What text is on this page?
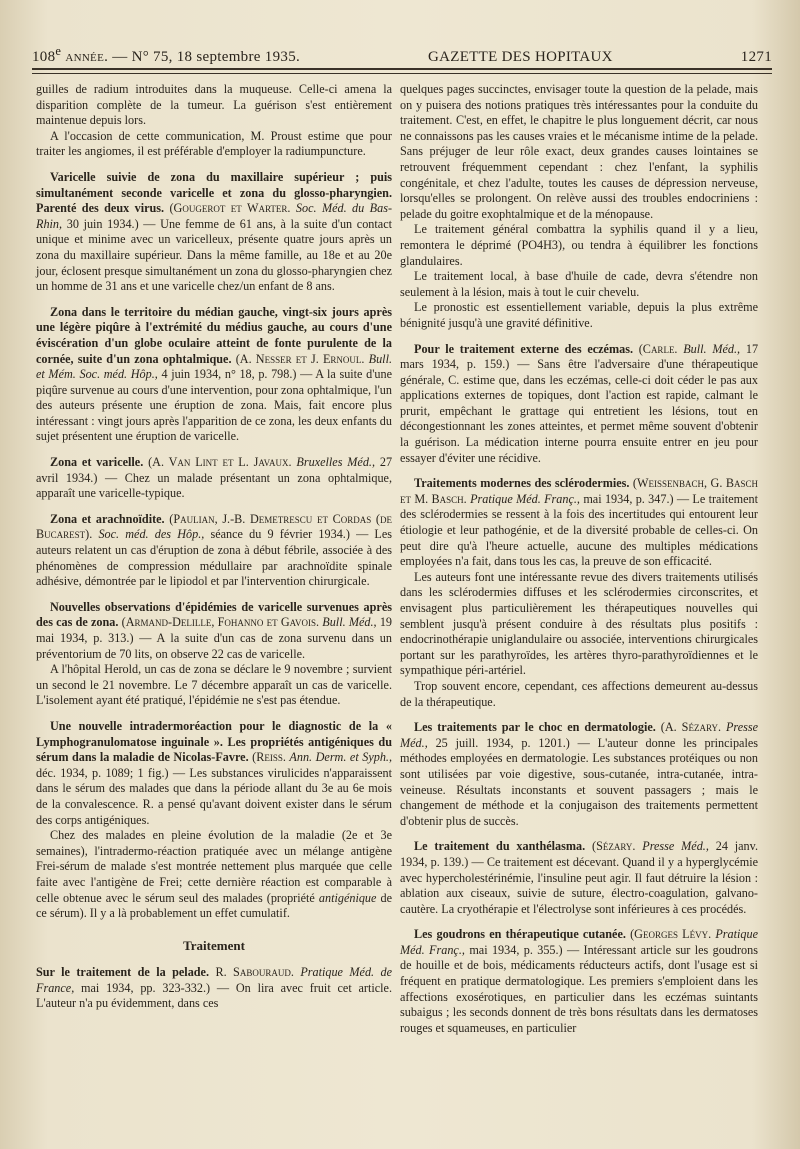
108e année. — N° 75, 18 septembre 1935.	GAZETTE DES HOPITAUX	1271

guilles de radium introduites dans la muqueuse. Celle-ci amena la disparition complète de la tumeur. La guérison s'est entièrement maintenue depuis lors.

A l'occasion de cette communication, M. Proust estime que pour traiter les angiomes, il est préférable d'employer la radiumpuncture.

Varicelle suivie de zona du maxillaire supérieur ; puis simultanément seconde varicelle et zona du glosso-pharyngien. Parenté des deux virus. (Gougerot et Warter. Soc. Méd. du Bas-Rhin, 30 juin 1934.) — Une femme de 61 ans, à la suite d'un contact unique et minime avec un varicelleux, présente quatre jours après un zona du maxillaire supérieur. Dans la même famille, au 18e et au 20e jour, éclosent presque simultanément un zona du glosso-pharyngien chez un homme de 31 ans et une varicelle chez/un enfant de 8 ans.

Zona dans le territoire du médian gauche, vingt-six jours après une légère piqûre à l'extrémité du médius gauche, au cours d'une éviscération d'un globe oculaire atteint de fonte purulente de la cornée, suite d'un zona ophtalmique. (A. Nesser et J. Ernoul. Bull. et Mém. Soc. méd. Hôp., 4 juin 1934, n° 18, p. 798.) — A la suite d'une piqûre survenue au cours d'une intervention, pour zona ophtalmique, l'un des auteurs présente une éruption de zona. Mais, fait encore plus intéressant : vingt jours après l'apparition de ce zona, les deux enfants du sujet présentent une éruption de varicelle.

Zona et varicelle. (A. Van Lint et L. Javaux. Bruxelles Méd., 27 avril 1934.) — Chez un malade présentant un zona ophtalmique, apparaît une varicelle-typique.

Zona et arachnoïdite. (Paulian, J.-B. Demetrescu et Cordas (de Bucarest). Soc. méd. des Hôp., séance du 9 février 1934.) — Les auteurs relatent un cas d'éruption de zona à début fébrile, associée à des phénomènes de compression médullaire par arachnoïdite spinale adhésive, démontrée par le lipiodol et par l'intervention chirurgicale.

Nouvelles observations d'épidémies de varicelle survenues après des cas de zona. (Armand-Delille, Fohanno et Gavois. Bull. Méd., 19 mai 1934, p. 313.) — A la suite d'un cas de zona survenu dans un préventorium de 70 lits, on observe 22 cas de varicelle.

A l'hôpital Herold, un cas de zona se déclare le 9 novembre ; survient un second le 21 novembre. Le 7 décembre apparaît un cas de varicelle. L'isolement ayant été pratiqué, l'épidémie ne s'est pas étendue.

Une nouvelle intradermoréaction pour le diagnostic de la « Lymphogranulomatose inguinale ». Les propriétés antigéniques du sérum dans la maladie de Nicolas-Favre. (Reiss. Ann. Derm. et Syph., déc. 1934, p. 1089; 1 fig.) — Les substances virulicides n'apparaissent dans le sérum des malades que dans la période allant du 3e au 6e mois de la convalescence. R. a pensé qu'avant doivent exister dans le sérum des corps antigéniques.

Chez des malades en pleine évolution de la maladie (2e et 3e semaines), l'intradermo-réaction pratiquée avec un mélange antigène Frei-sérum de malade s'est montrée nettement plus marquée que celle faite avec l'antigène de Frei; cette dernière réaction est comparable à celle obtenue avec le sérum seul des malades (propriété antigénique de ce sérum). Il y a là probablement un effet cumulatif.

Traitement

Sur le traitement de la pelade. R. Sabouraud. Pratique Méd. de France, mai 1934, pp. 323-332.) — On lira avec fruit cet article. L'auteur n'a pu évidemment, dans ces

quelques pages succinctes, envisager toute la question de la pelade, mais on y puisera des notions pratiques très intéressantes pour la conduite du traitement. C'est, en effet, le chapitre le plus longuement décrit, car nous ne connaissons pas les causes vraies et le mécanisme intime de la pelade. Sans préjuger de leur rôle exact, deux grandes causes lointaines se retrouvent fréquemment cependant : chez l'enfant, la syphilis congénitale, et chez l'adulte, toutes les causes de dépression nerveuse, lorsqu'elles se prolongent. On relève aussi des troubles endocriniens : pelade du goitre exophtalmique et de la ménopause.

Le traitement général combattra la syphilis quand il y a lieu, remontera le déprimé (PO4H3), ou tendra à équilibrer les fonctions glandulaires.

Le traitement local, à base d'huile de cade, devra s'étendre non seulement à la lésion, mais à tout le cuir chevelu.

Le pronostic est essentiellement variable, depuis la plus extrême bénignité jusqu'à une gravité définitive.

Pour le traitement externe des eczémas. (Carle. Bull. Méd., 17 mars 1934, p. 159.) — Sans être l'adversaire d'une thérapeutique générale, C. estime que, dans les eczémas, celle-ci doit céder le pas aux applications externes de topiques, dont l'action est rapide, calmant le prurit, empêchant le grattage qui entretient les lésions, tout en décongestionnant les zones atteintes, et permet même souvent d'obtenir la guérison. La médication interne pourra ensuite entrer en jeu pour essayer d'éviter une récidive.

Traitements modernes des sclérodermies. (Weissenbach, G. Basch et M. Basch. Pratique Méd. Franç., mai 1934, p. 347.) — Le traitement des sclérodermies se ressent à la fois des incertitudes qui entourent leur étiologie et leur pathogénie, et de la diversité probable de celles-ci. On peut dire qu'à l'heure actuelle, aucune des multiples médications employées n'a fait, dans tous les cas, la preuve de son efficacité.

Les auteurs font une intéressante revue des divers traitements utilisés dans les sclérodermies diffuses et les sclérodermies circonscrites, et envisagent plus particulièrement les thérapeutiques nouvelles qui semblent jusqu'à présent conduire à des résultats plus positifs : endocrinothérapie uniglandulaire ou associée, interventions chirurgicales portant sur les parathyroïdes, les artères thyro-parathyroïdiennes et le sympathique péri-artériel.

Trop souvent encore, cependant, ces affections demeurent au-dessus de la thérapeutique.

Les traitements par le choc en dermatologie. (A. Sézary. Presse Méd., 25 juill. 1934, p. 1201.) — L'auteur donne les principales méthodes employées en dermatologie. Les substances protéiques ou non sont utilisées par voie digestive, sous-cutanée, intra-cutanée, intra-veineuse. Résultats inconstants et souvent passagers ; mais le changement de méthode et la conjugaison des traitements permettent d'obtenir plus de succès.

Le traitement du xanthélasma. (Sézary. Presse Méd., 24 janv. 1934, p. 139.) — Ce traitement est décevant. Quand il y a hyperglycémie avec hypercholestérinémie, l'insuline peut agir. Il faut détruire la lésion : ablation aux ciseaux, suivie de suture, électro-coagulation, galvano-cautère. La cryothérapie et l'électrolyse sont inférieures à ces procédés.

Les goudrons en thérapeutique cutanée. (Georges Lévy. Pratique Méd. Franç., mai 1934, p. 355.) — Intéressant article sur les goudrons de houille et de bois, médicaments réducteurs actifs, dont l'usage est si fréquent en pratique dermatologique. Les premiers s'emploient dans les affections exosérotiques, en particulier dans les eczémas suintants subaigus ; les seconds donnent de très bons résultats dans les dermatoses rouges et squameuses, en particulier
